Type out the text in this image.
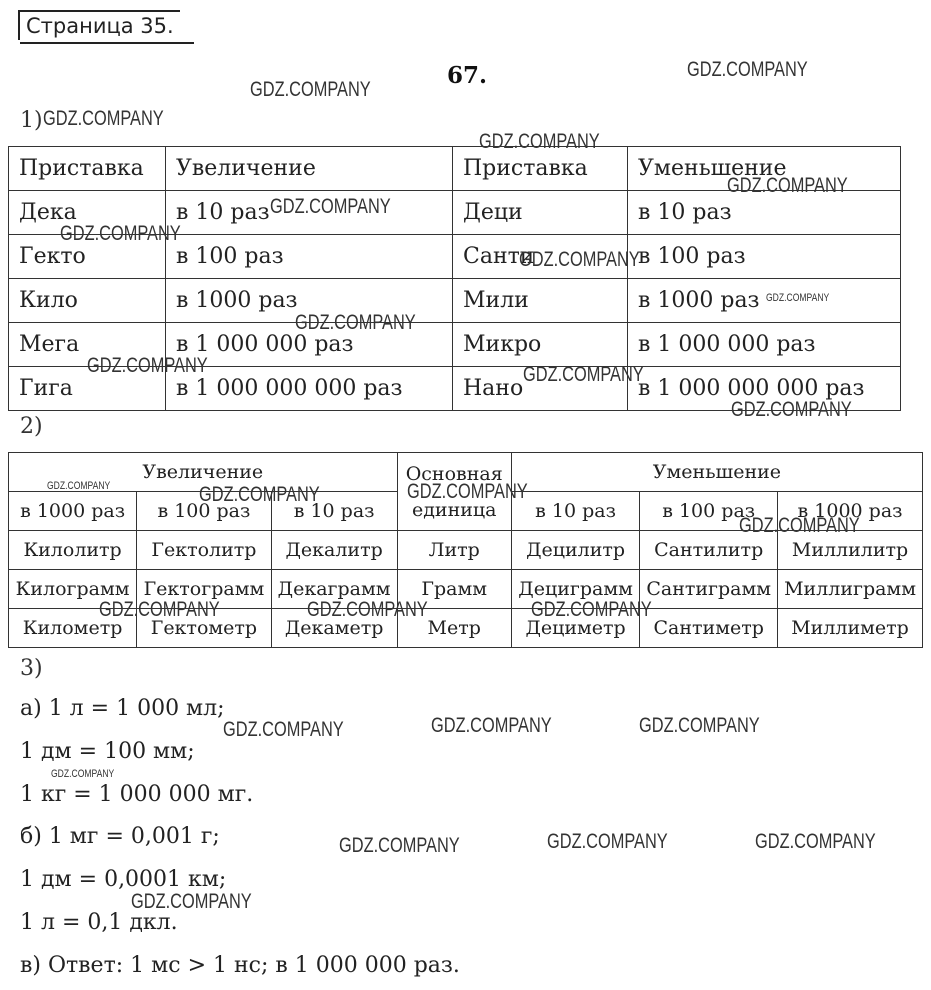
Страница 35.
67.
1)
Приставка	Увеличение	Приставка	Уменьшение
Дека	в 10 раз	Деци	в 10 раз
Гекто	в 100 раз	Санти	в 100 раз
Кило	в 1000 раз	Мили	в 1000 раз
Мега	в 1 000 000 раз	Микро	в 1 000 000 раз
Гига	в 1 000 000 000 раз	Нано	в 1 000 000 000 раз
2)
Увеличение			Основная единица	Уменьшение		
в 1000 раз	в 100 раз	в 10 раз		в 10 раз	в 100 раз	в 1000 раз
Килолитр	Гектолитр	Декалитр	Литр	Децилитр	Сантилитр	Миллилитр
Килограмм	Гектограмм	Декаграмм	Грамм	Дециграмм	Сантиграмм	Миллиграмм
Километр	Гектометр	Декаметр	Метр	Дециметр	Сантиметр	Миллиметр
3)
а) 1 л = 1 000 мл;
1 дм = 100 мм;
1 кг = 1 000 000 мг.
б) 1 мг = 0,001 г;
1 дм = 0,0001 км;
1 л = 0,1 дкл.
в) Ответ: 1 мс > 1 нс; в 1 000 000 раз.
GDZ.COMPANY
GDZ.COMPANY
GDZ.COMPANY
GDZ.COMPANY
GDZ.COMPANY
GDZ.COMPANY
GDZ.COMPANY
GDZ.COMPANY
GDZ.COMPANY
GDZ.COMPANY
GDZ.COMPANY	GDZ.COMPANY
GDZ.COMPANY
GDZ.COMPANY	GDZ.COMPANY	GDZ.COMPANY
GDZ.COMPANY
GDZ.COMPANY	GDZ.COMPANY	GDZ.COMPANY
GDZ.COMPANY	GDZ.COMPANY	GDZ.COMPANY
GDZ.COMPANY
GDZ.COMPANY	GDZ.COMPANY	GDZ.COMPANY
GDZ.COMPANY
